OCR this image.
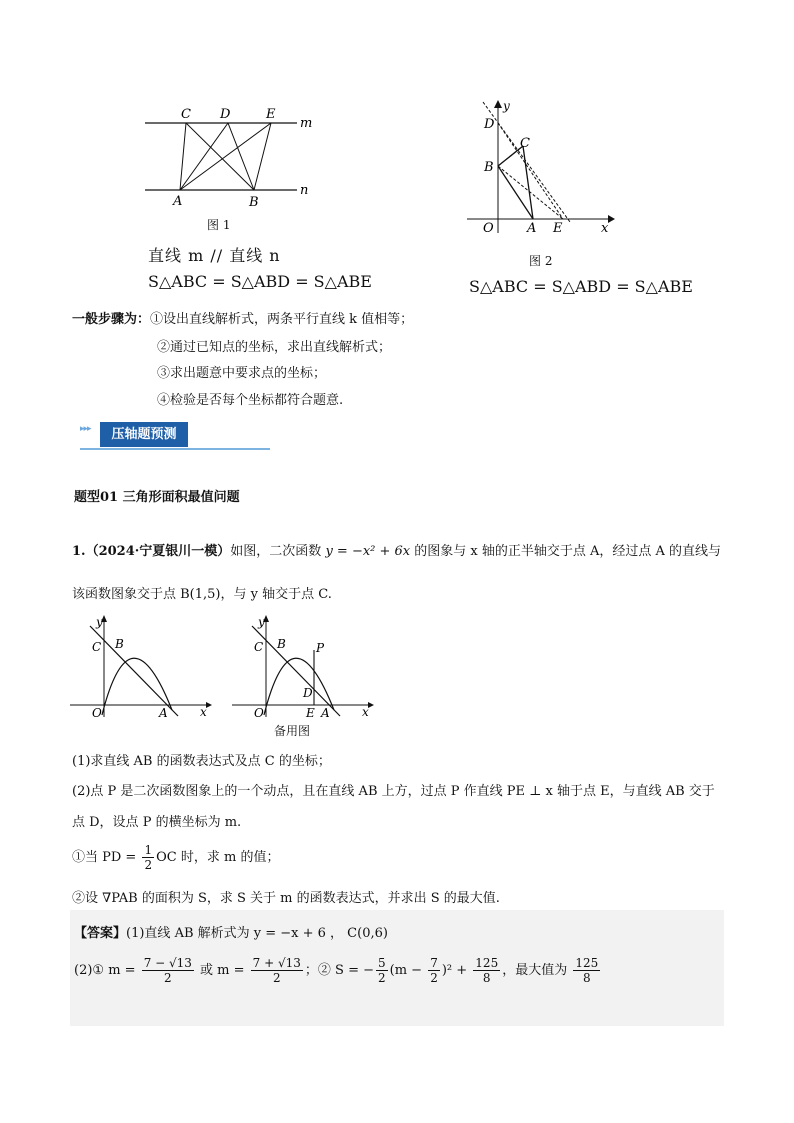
C D	E
m
n
A	B
图 1
直线 m // 直线 n
S△ABC = S△ABD = S△ABE
y
D
C
B
O	A E	x
图 2
S△ABC = S△ABD = S△ABE
一般步骤为：①设出直线解析式，两条平行直线 k 值相等；
②通过已知点的坐标，求出直线解析式；
③求出题意中要求点的坐标；
④检验是否每个坐标都符合题意.
▸▸▸	压轴题预测
题型01 三角形面积最值问题
1.（2024·宁夏银川一模）如图，二次函数 y = −x² + 6x 的图象与 x 轴的正半轴交于点 A，经过点 A 的直线与
该函数图象交于点 B(1,5)，与 y 轴交于点 C.
y
C B
O	A	x
y
C B	P
D
O	E A	x
备用图
(1)求直线 AB 的函数表达式及点 C 的坐标；
(2)点 P 是二次函数图象上的一个动点，且在直线 AB 上方，过点 P 作直线 PE ⊥ x 轴于点 E，与直线 AB 交于
点 D，设点 P 的横坐标为 m.
①当 PD = $\frac{1}{2}$ OC 时，求 m 的值；
②设 ∇PAB 的面积为 S，求 S 关于 m 的函数表达式，并求出 S 的最大值.
【答案】(1)直线 AB 解析式为 y = −x + 6 ， C(0,6)
(2)① $m = \frac{7 - √13}{2}$ 或 $m = \frac{7 + √13}{2}$ ；② S = − $\frac{5}{2} (m - \frac{7}{2} )^2 + \frac{125}{8}$ ，最大值为 $\frac{125}{8}$
